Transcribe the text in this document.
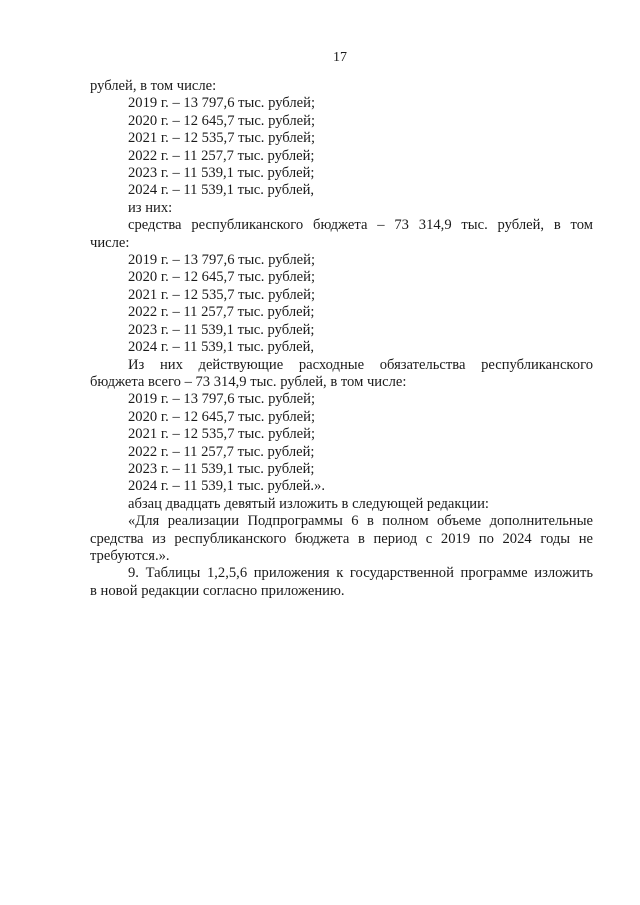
17
рублей, в том числе:
2019 г. – 13 797,6 тыс. рублей;
2020 г. – 12 645,7 тыс. рублей;
2021 г. – 12 535,7 тыс. рублей;
2022 г. – 11 257,7 тыс. рублей;
2023 г. – 11 539,1 тыс. рублей;
2024 г. – 11 539,1 тыс. рублей,
из них:
средства республиканского бюджета – 73 314,9 тыс. рублей, в том
числе:
2019 г. – 13 797,6 тыс. рублей;
2020 г. – 12 645,7 тыс. рублей;
2021 г. – 12 535,7 тыс. рублей;
2022 г. – 11 257,7 тыс. рублей;
2023 г. – 11 539,1 тыс. рублей;
2024 г. – 11 539,1 тыс. рублей,
Из них действующие расходные обязательства республиканского
бюджета всего – 73 314,9 тыс. рублей, в том числе:
2019 г. – 13 797,6 тыс. рублей;
2020 г. – 12 645,7 тыс. рублей;
2021 г. – 12 535,7 тыс. рублей;
2022 г. – 11 257,7 тыс. рублей;
2023 г. – 11 539,1 тыс. рублей;
2024 г. – 11 539,1 тыс. рублей.».
абзац двадцать девятый изложить в следующей редакции:
«Для реализации Подпрограммы 6 в полном объеме дополнительные
средства из республиканского бюджета в период с 2019 по 2024 годы не
требуются.».
9. Таблицы 1,2,5,6 приложения к государственной программе изложить
в новой редакции согласно приложению.
